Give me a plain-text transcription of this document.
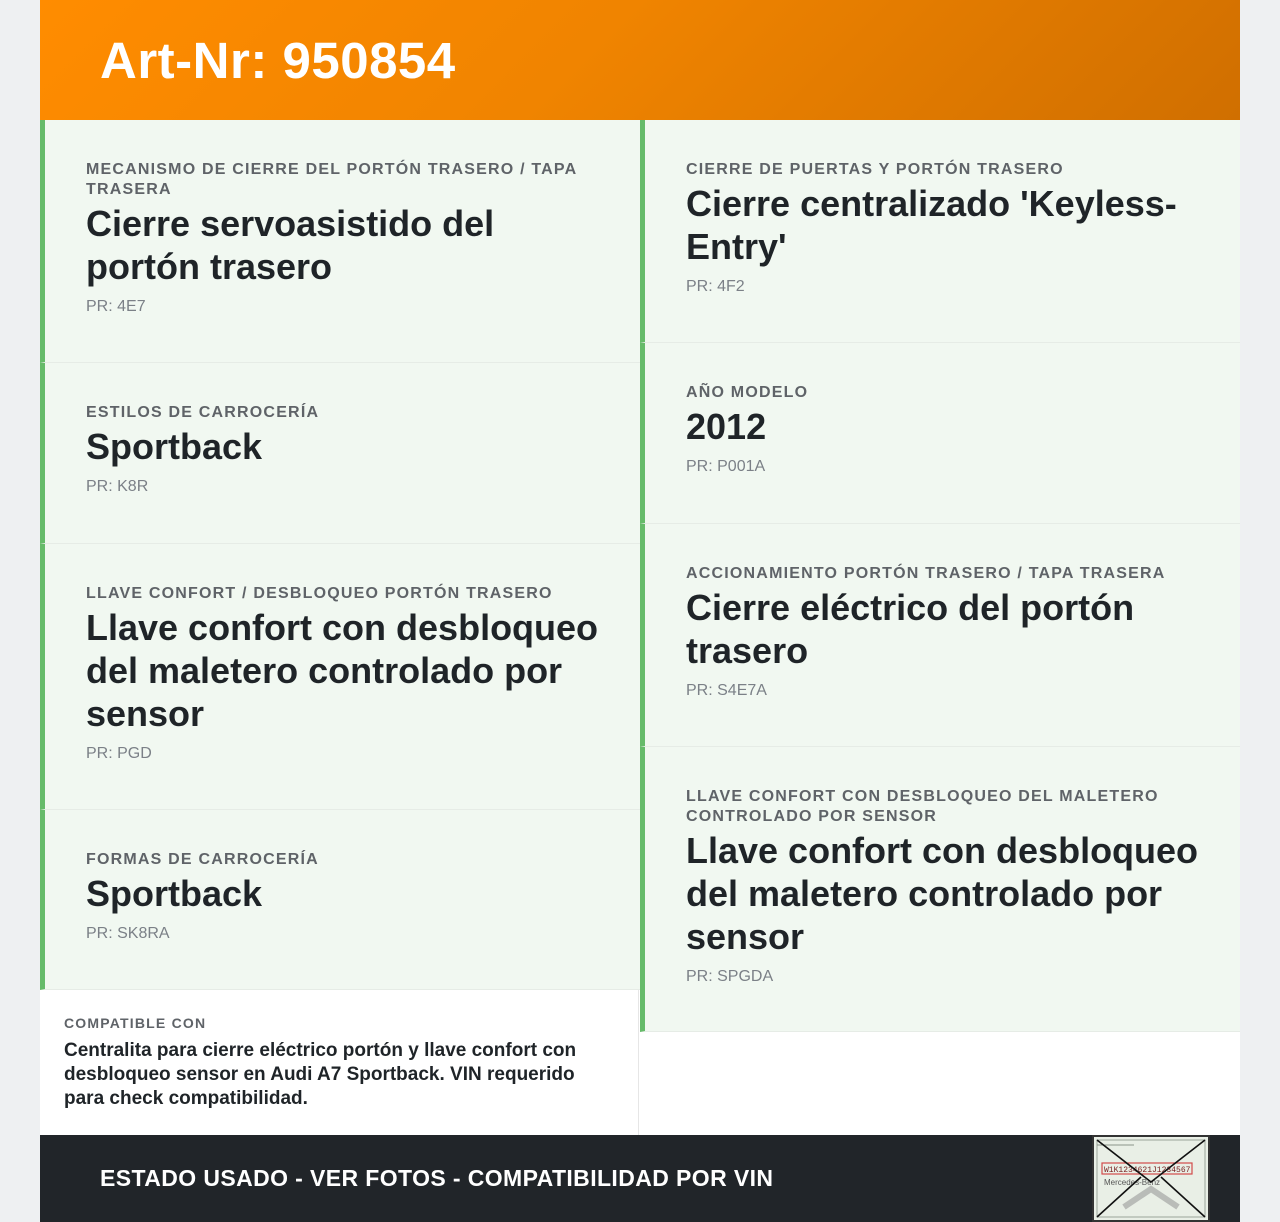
Art-Nr: 950854
MECANISMO DE CIERRE DEL PORTÓN TRASERO / TAPA TRASERA
Cierre servoasistido del portón trasero
PR: 4E7
ESTILOS DE CARROCERÍA
Sportback
PR: K8R
LLAVE CONFORT / DESBLOQUEO PORTÓN TRASERO
Llave confort con desbloqueo del maletero controlado por sensor
PR: PGD
FORMAS DE CARROCERÍA
Sportback
PR: SK8RA
CIERRE DE PUERTAS Y PORTÓN TRASERO
Cierre centralizado 'Keyless-Entry'
PR: 4F2
AÑO MODELO
2012
PR: P001A
ACCIONAMIENTO PORTÓN TRASERO / TAPA TRASERA
Cierre eléctrico del portón trasero
PR: S4E7A
LLAVE CONFORT CON DESBLOQUEO DEL MALETERO CONTROLADO POR SENSOR
Llave confort con desbloqueo del maletero controlado por sensor
PR: SPGDA
COMPATIBLE CON
Centralita para cierre eléctrico portón y llave confort con desbloqueo sensor en Audi A7 Sportback. VIN requerido para check compatibilidad.
ESTADO USADO - VER FOTOS - COMPATIBILIDAD POR VIN	W1K1234621J1234567
Mercedes-Benz
